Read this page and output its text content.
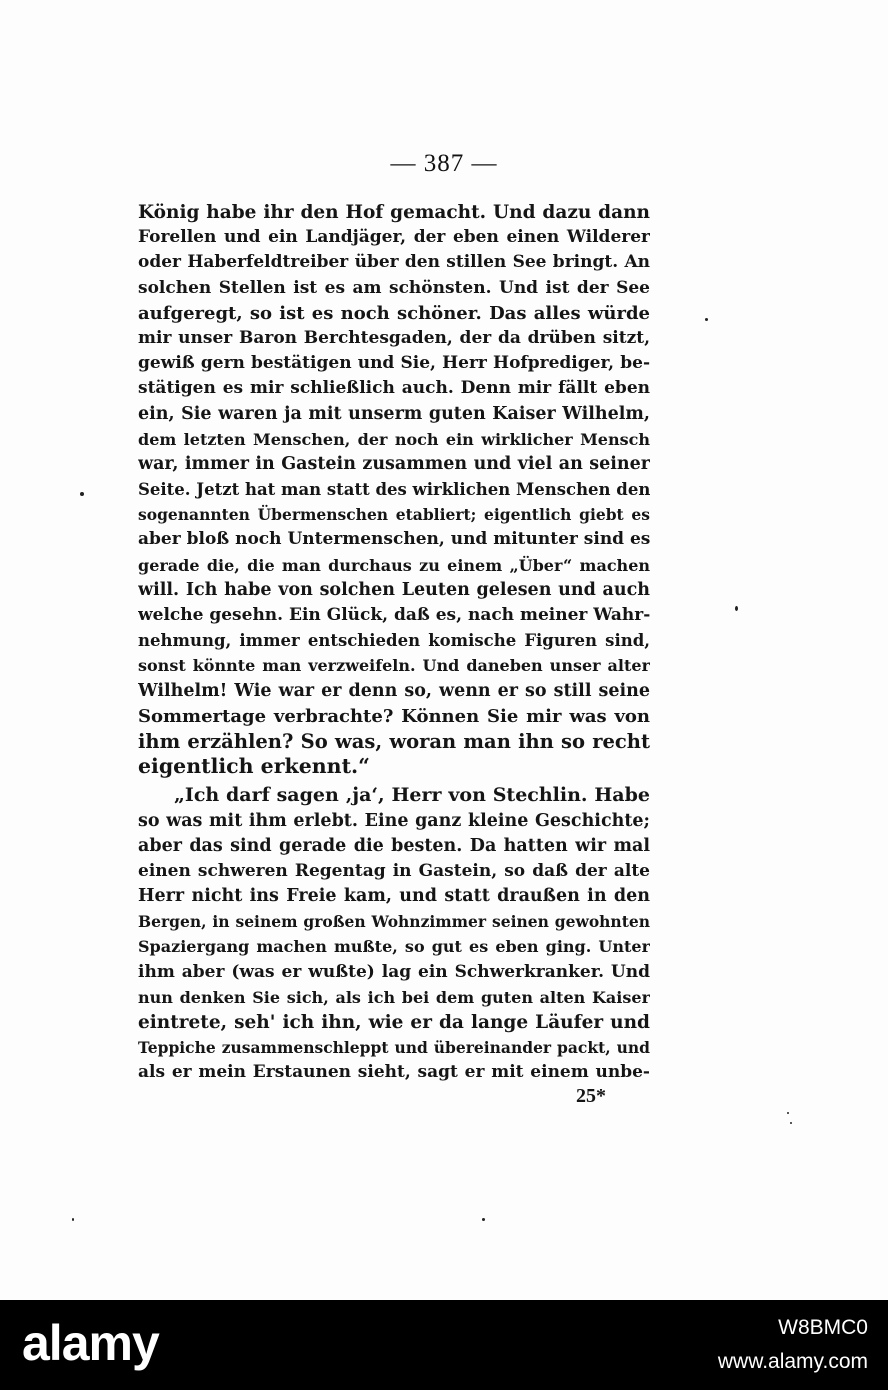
— 387 —
König habe ihr den Hof gemacht. Und dazu dann
Forellen und ein Landjäger, der eben einen Wilderer
oder Haberfeldtreiber über den stillen See bringt. An
solchen Stellen ist es am schönsten. Und ist der See
aufgeregt, so ist es noch schöner. Das alles würde
mir unser Baron Berchtesgaden, der da drüben sitzt,
gewiß gern bestätigen und Sie, Herr Hofprediger, be-
stätigen es mir schließlich auch. Denn mir fällt eben
ein, Sie waren ja mit unserm guten Kaiser Wilhelm,
dem letzten Menschen, der noch ein wirklicher Mensch
war, immer in Gastein zusammen und viel an seiner
Seite. Jetzt hat man statt des wirklichen Menschen den
sogenannten Übermenschen etabliert; eigentlich giebt es
aber bloß noch Untermenschen, und mitunter sind es
gerade die, die man durchaus zu einem „Über“ machen
will. Ich habe von solchen Leuten gelesen und auch
welche gesehn. Ein Glück, daß es, nach meiner Wahr-
nehmung, immer entschieden komische Figuren sind,
sonst könnte man verzweifeln. Und daneben unser alter
Wilhelm! Wie war er denn so, wenn er so still seine
Sommertage verbrachte? Können Sie mir was von
ihm erzählen? So was, woran man ihn so recht
eigentlich erkennt.“
„Ich darf sagen ‚ja‘, Herr von Stechlin. Habe
so was mit ihm erlebt. Eine ganz kleine Geschichte;
aber das sind gerade die besten. Da hatten wir mal
einen schweren Regentag in Gastein, so daß der alte
Herr nicht ins Freie kam, und statt draußen in den
Bergen, in seinem großen Wohnzimmer seinen gewohnten
Spaziergang machen mußte, so gut es eben ging. Unter
ihm aber (was er wußte) lag ein Schwerkranker. Und
nun denken Sie sich, als ich bei dem guten alten Kaiser
eintrete, seh' ich ihn, wie er da lange Läufer und
Teppiche zusammenschleppt und übereinander packt, und
als er mein Erstaunen sieht, sagt er mit einem unbe-
25*
alamy	W8BMC0
www.alamy.com
